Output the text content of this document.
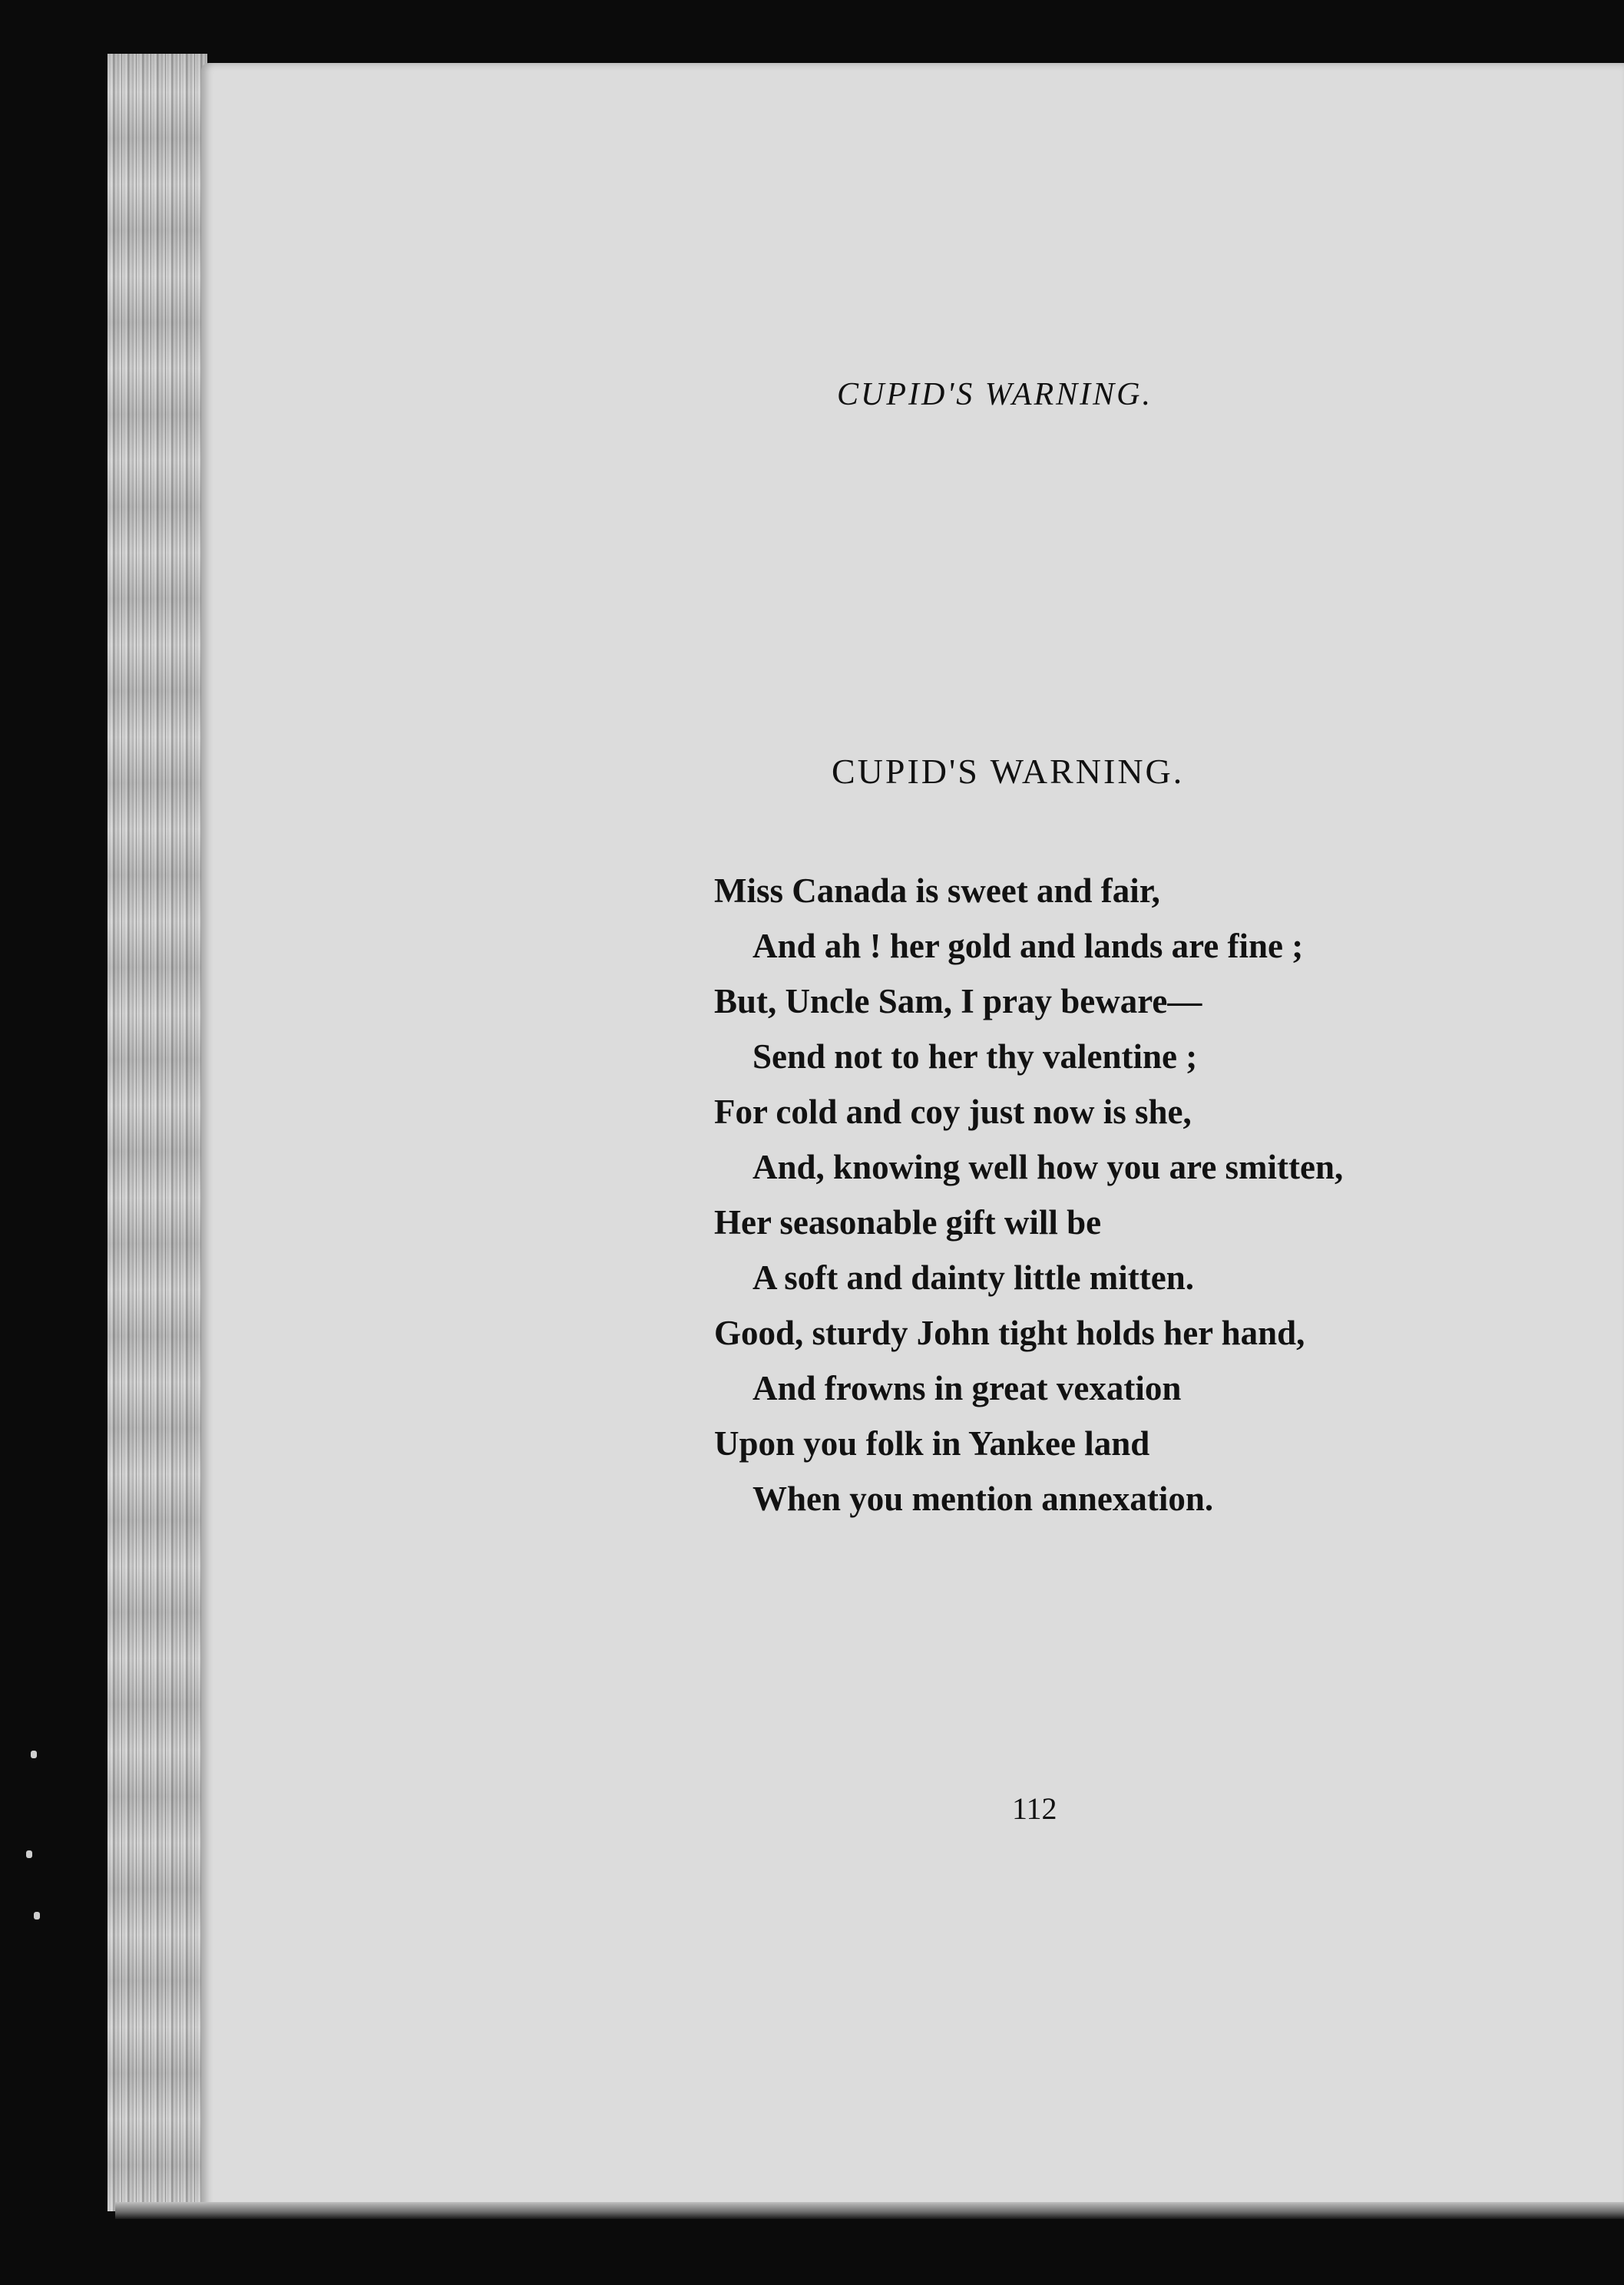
CUPID'S WARNING.
CUPID'S WARNING.
Miss Canada is sweet and fair,
And ah ! her gold and lands are fine ;
But, Uncle Sam, I pray beware—
Send not to her thy valentine ;
For cold and coy just now is she,
And, knowing well how you are smitten,
Her seasonable gift will be
A soft and dainty little mitten.
Good, sturdy John tight holds her hand,
And frowns in great vexation
Upon you folk in Yankee land
When you mention annexation.
112
